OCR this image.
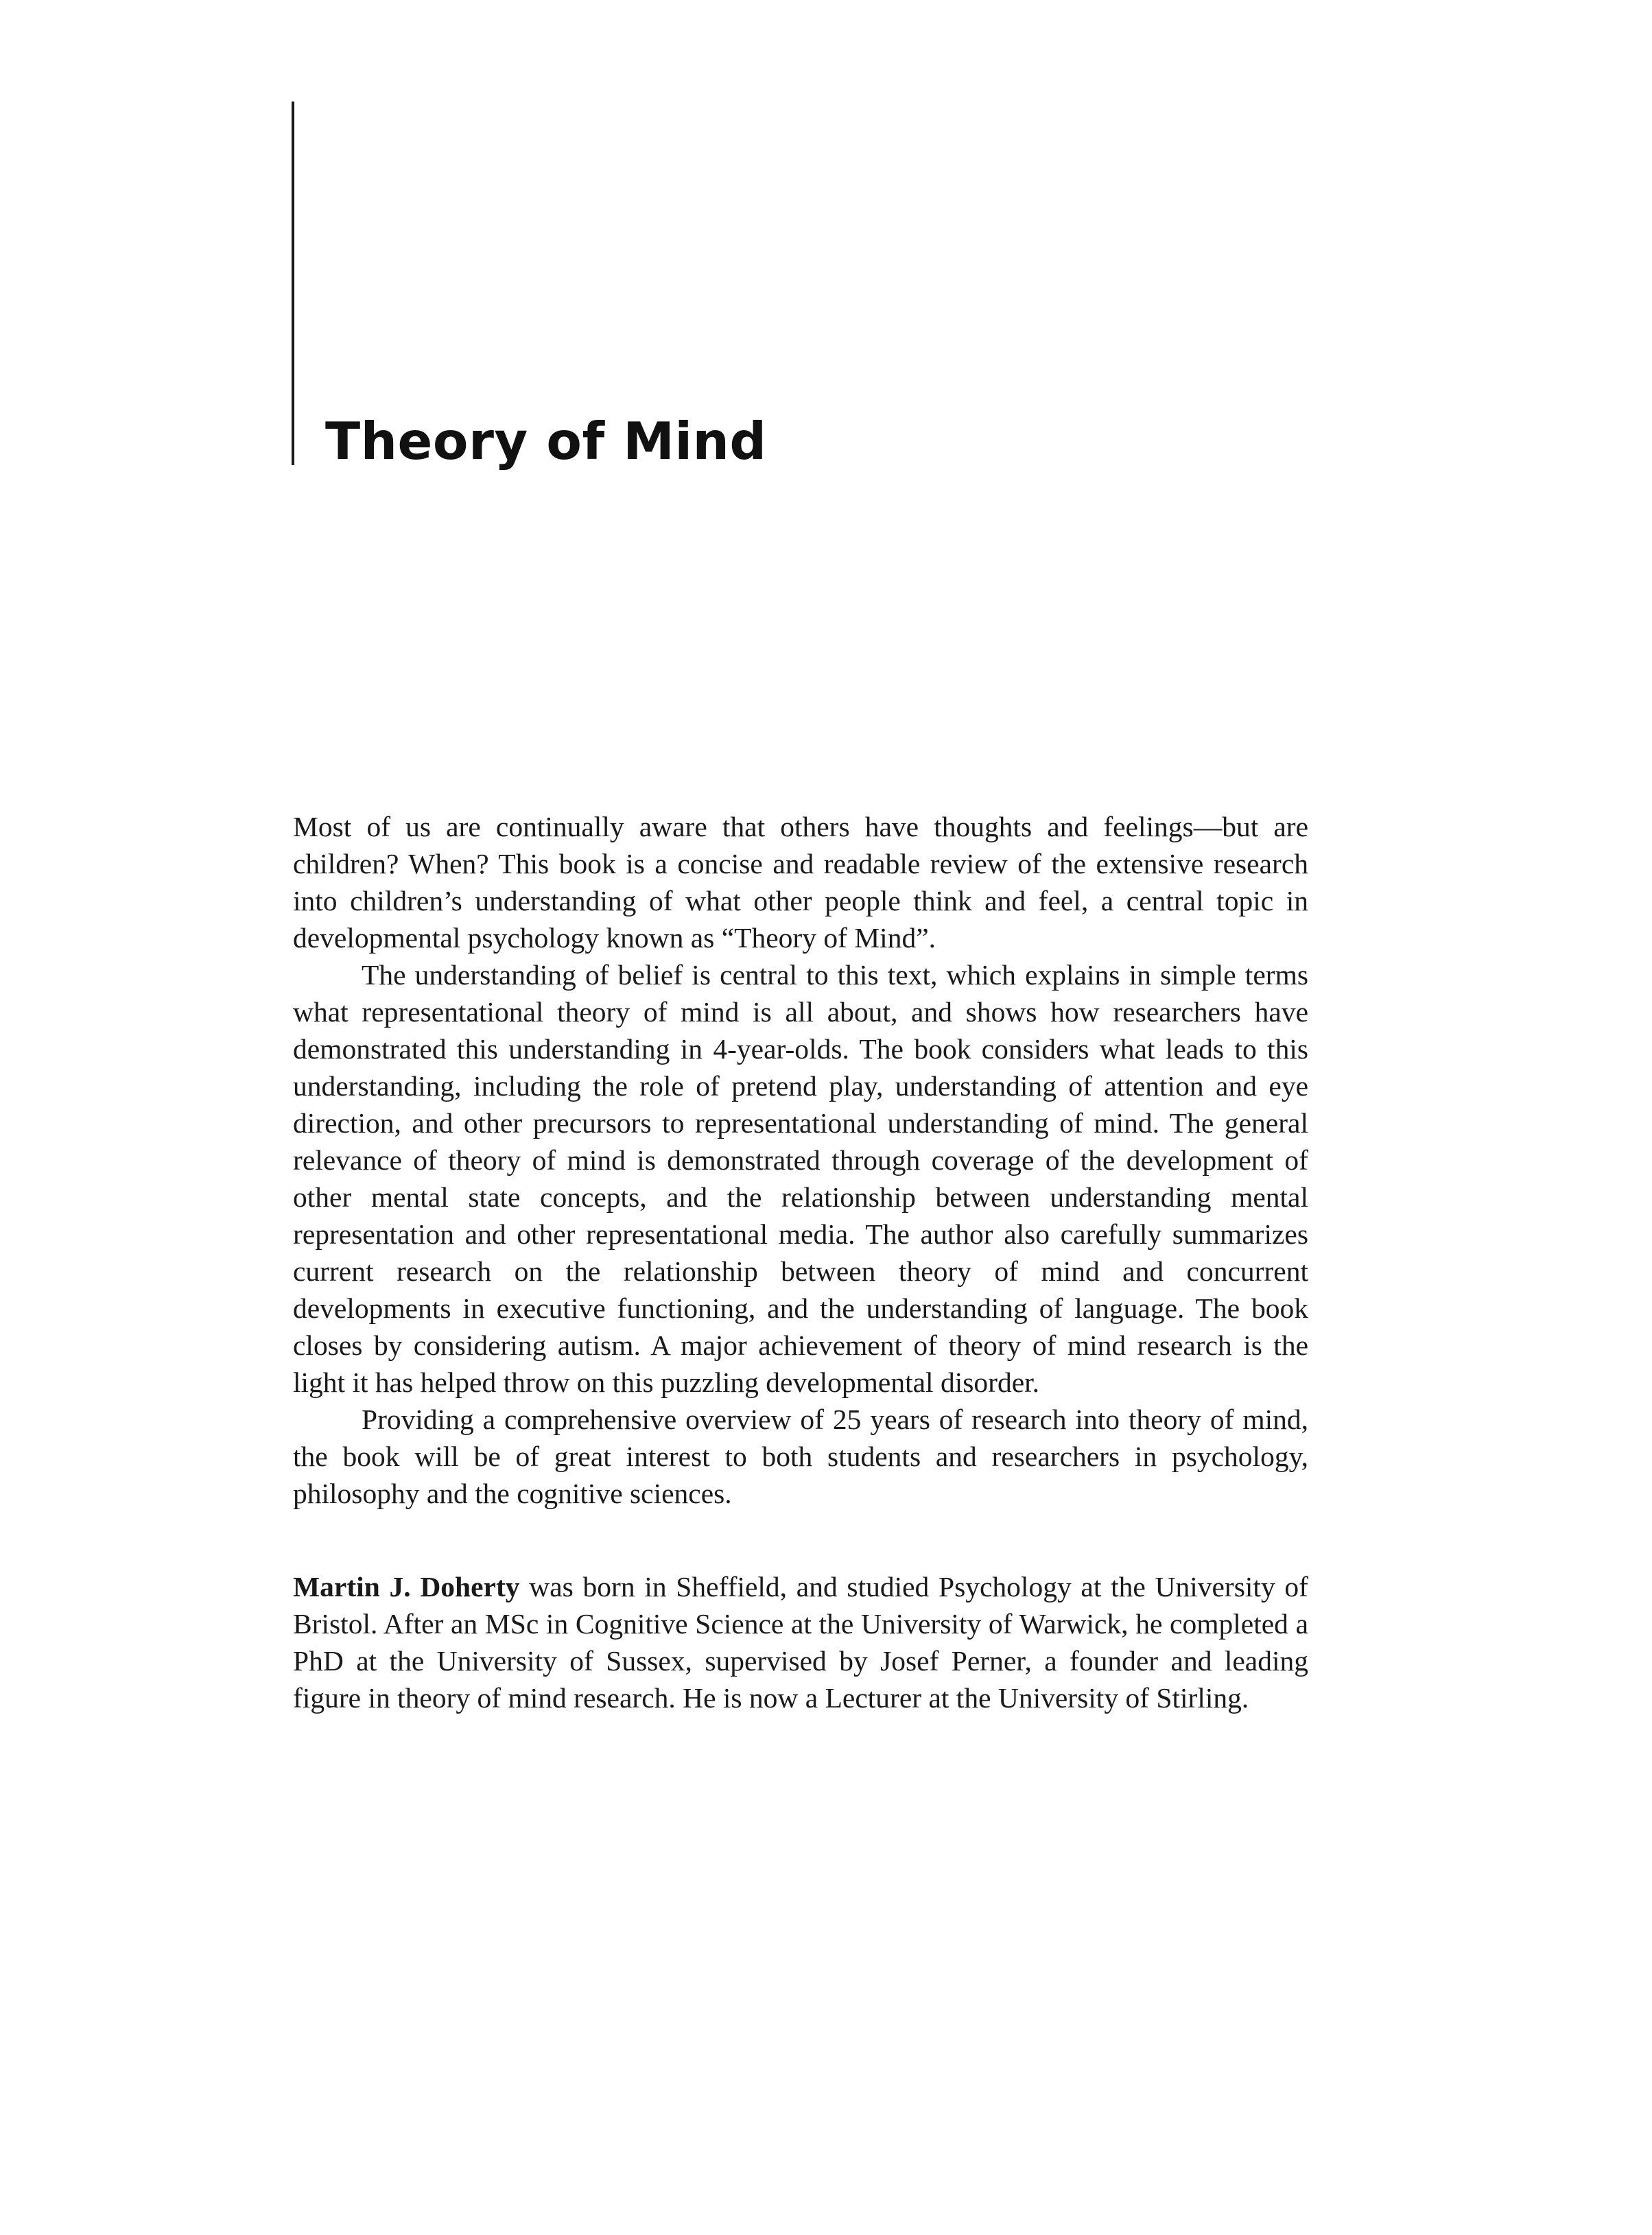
Theory of Mind

Most of us are continually aware that others have thoughts and feelings—but are children? When? This book is a concise and readable review of the extensive research into children’s understanding of what other people think and feel, a central topic in developmental psychology known as “Theory of Mind”.

The understanding of belief is central to this text, which explains in simple terms what representational theory of mind is all about, and shows how researchers have demonstrated this understanding in 4-year-olds. The book considers what leads to this understanding, including the role of pretend play, understanding of attention and eye direction, and other precursors to representational understanding of mind. The general relevance of theory of mind is demonstrated through coverage of the development of other mental state concepts, and the relationship between understanding mental representation and other representational media. The author also carefully summarizes current research on the relationship between theory of mind and concurrent developments in executive functioning, and the understanding of language. The book closes by considering autism. A major achievement of theory of mind research is the light it has helped throw on this puzzling developmental disorder.

Providing a comprehensive overview of 25 years of research into theory of mind, the book will be of great interest to both students and researchers in psychology, philosophy and the cognitive sciences.

Martin J. Doherty was born in Sheffield, and studied Psychology at the University of Bristol. After an MSc in Cognitive Science at the University of Warwick, he completed a PhD at the University of Sussex, supervised by Josef Perner, a founder and leading figure in theory of mind research. He is now a Lecturer at the University of Stirling.
